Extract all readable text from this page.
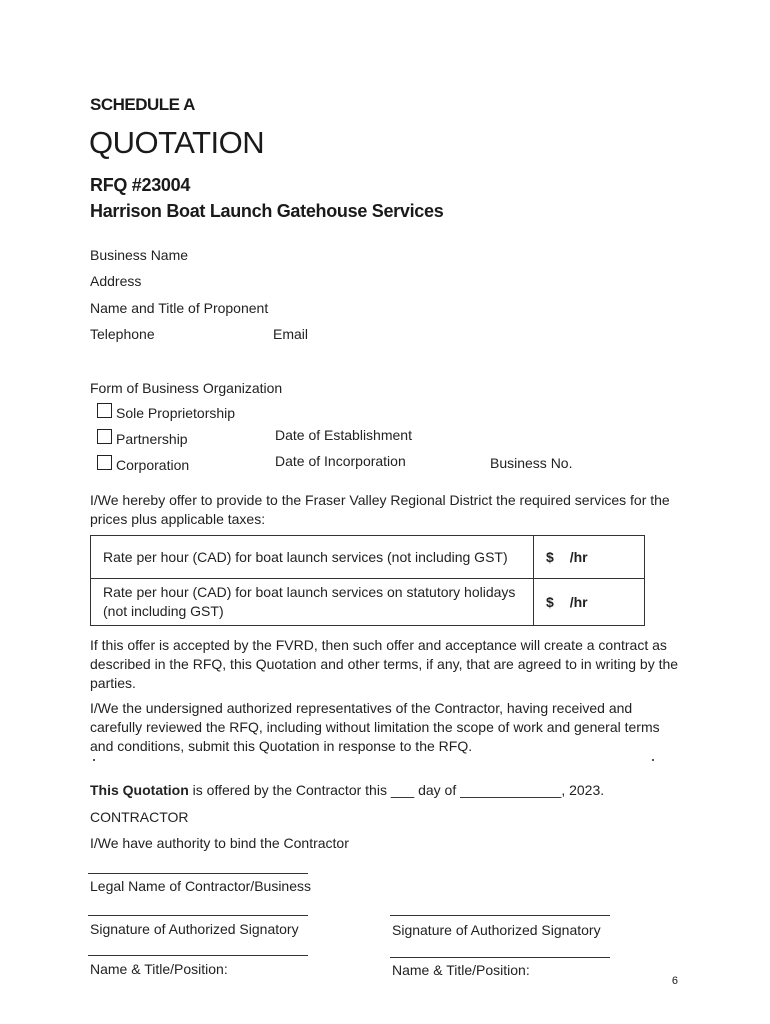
SCHEDULE A
QUOTATION
RFQ #23004
Harrison Boat Launch Gatehouse Services
Business Name
Address
Name and Title of Proponent
Telephone	Email
Form of Business Organization
Sole Proprietorship
Partnership	Date of Establishment
Corporation	Date of Incorporation	Business No.
I/We hereby offer to provide to the Fraser Valley Regional District the required services for the prices plus applicable taxes:
Rate per hour (CAD) for boat launch services (not including GST)	$ /hr
Rate per hour (CAD) for boat launch services on statutory holidays (not including GST)	$ /hr
If this offer is accepted by the FVRD, then such offer and acceptance will create a contract as described in the RFQ, this Quotation and other terms, if any, that are agreed to in writing by the parties.
I/We the undersigned authorized representatives of the Contractor, having received and carefully reviewed the RFQ, including without limitation the scope of work and general terms and conditions, submit this Quotation in response to the RFQ.
This Quotation is offered by the Contractor this ___ day of _____________, 2023.
CONTRACTOR
I/We have authority to bind the Contractor
Legal Name of Contractor/Business
Signature of Authorized Signatory	Signature of Authorized Signatory
Name & Title/Position:	Name & Title/Position:
6
